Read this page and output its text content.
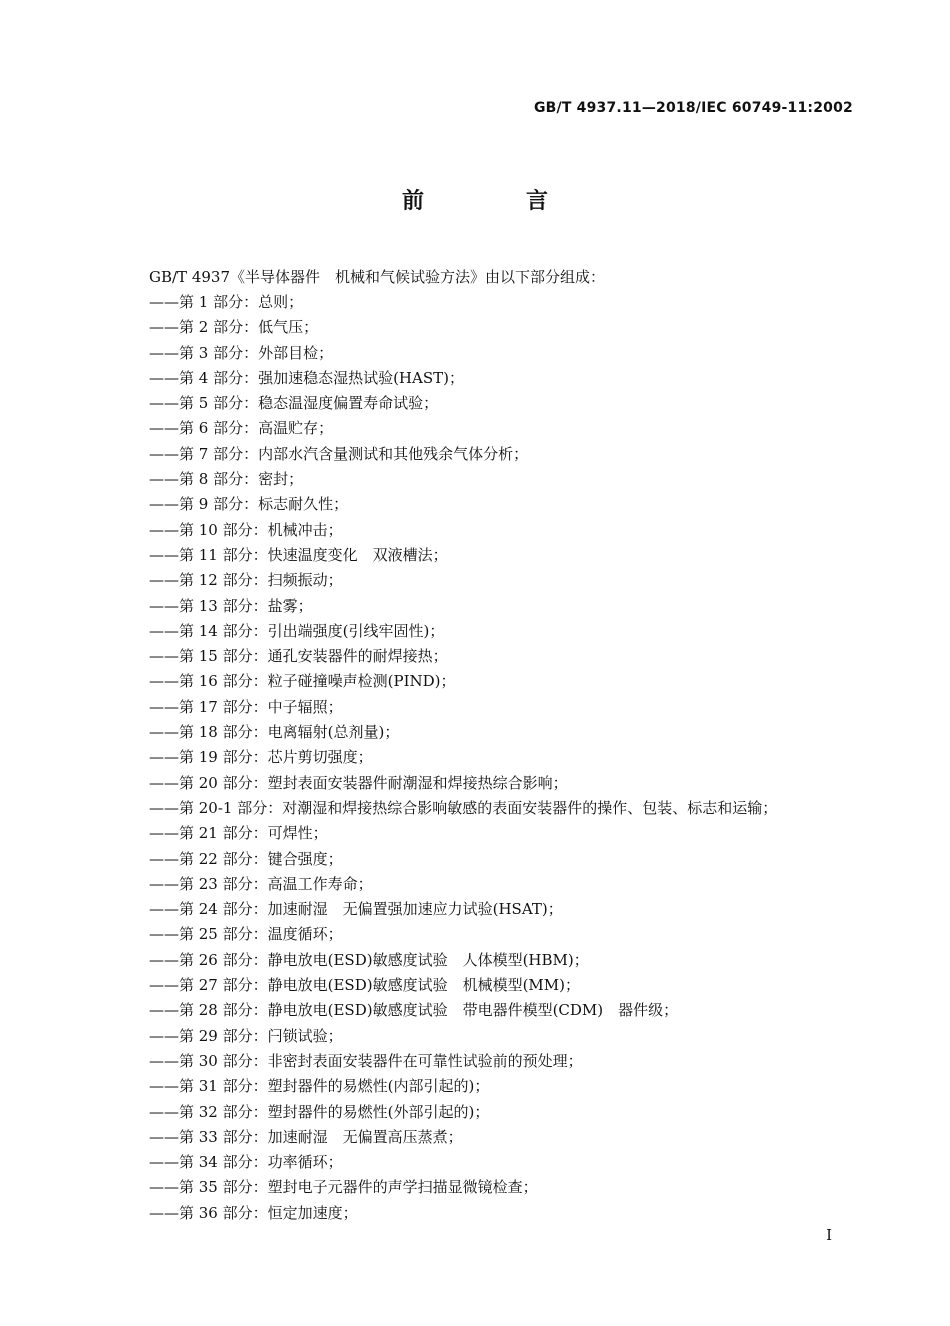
GB/T 4937.11—2018/IEC 60749-11:2002
前　言
GB/T 4937《半导体器件　机械和气候试验方法》由以下部分组成：
——第 1 部分：总则；
——第 2 部分：低气压；
——第 3 部分：外部目检；
——第 4 部分：强加速稳态湿热试验(HAST)；
——第 5 部分：稳态温湿度偏置寿命试验；
——第 6 部分：高温贮存；
——第 7 部分：内部水汽含量测试和其他残余气体分析；
——第 8 部分：密封；
——第 9 部分：标志耐久性；
——第 10 部分：机械冲击；
——第 11 部分：快速温度变化　双液槽法；
——第 12 部分：扫频振动；
——第 13 部分：盐雾；
——第 14 部分：引出端强度(引线牢固性)；
——第 15 部分：通孔安装器件的耐焊接热；
——第 16 部分：粒子碰撞噪声检测(PIND)；
——第 17 部分：中子辐照；
——第 18 部分：电离辐射(总剂量)；
——第 19 部分：芯片剪切强度；
——第 20 部分：塑封表面安装器件耐潮湿和焊接热综合影响；
——第 20-1 部分：对潮湿和焊接热综合影响敏感的表面安装器件的操作、包装、标志和运输；
——第 21 部分：可焊性；
——第 22 部分：键合强度；
——第 23 部分：高温工作寿命；
——第 24 部分：加速耐湿　无偏置强加速应力试验(HSAT)；
——第 25 部分：温度循环；
——第 26 部分：静电放电(ESD)敏感度试验　人体模型(HBM)；
——第 27 部分：静电放电(ESD)敏感度试验　机械模型(MM)；
——第 28 部分：静电放电(ESD)敏感度试验　带电器件模型(CDM)　器件级；
——第 29 部分：闩锁试验；
——第 30 部分：非密封表面安装器件在可靠性试验前的预处理；
——第 31 部分：塑封器件的易燃性(内部引起的)；
——第 32 部分：塑封器件的易燃性(外部引起的)；
——第 33 部分：加速耐湿　无偏置高压蒸煮；
——第 34 部分：功率循环；
——第 35 部分：塑封电子元器件的声学扫描显微镜检查；
——第 36 部分：恒定加速度；
I
